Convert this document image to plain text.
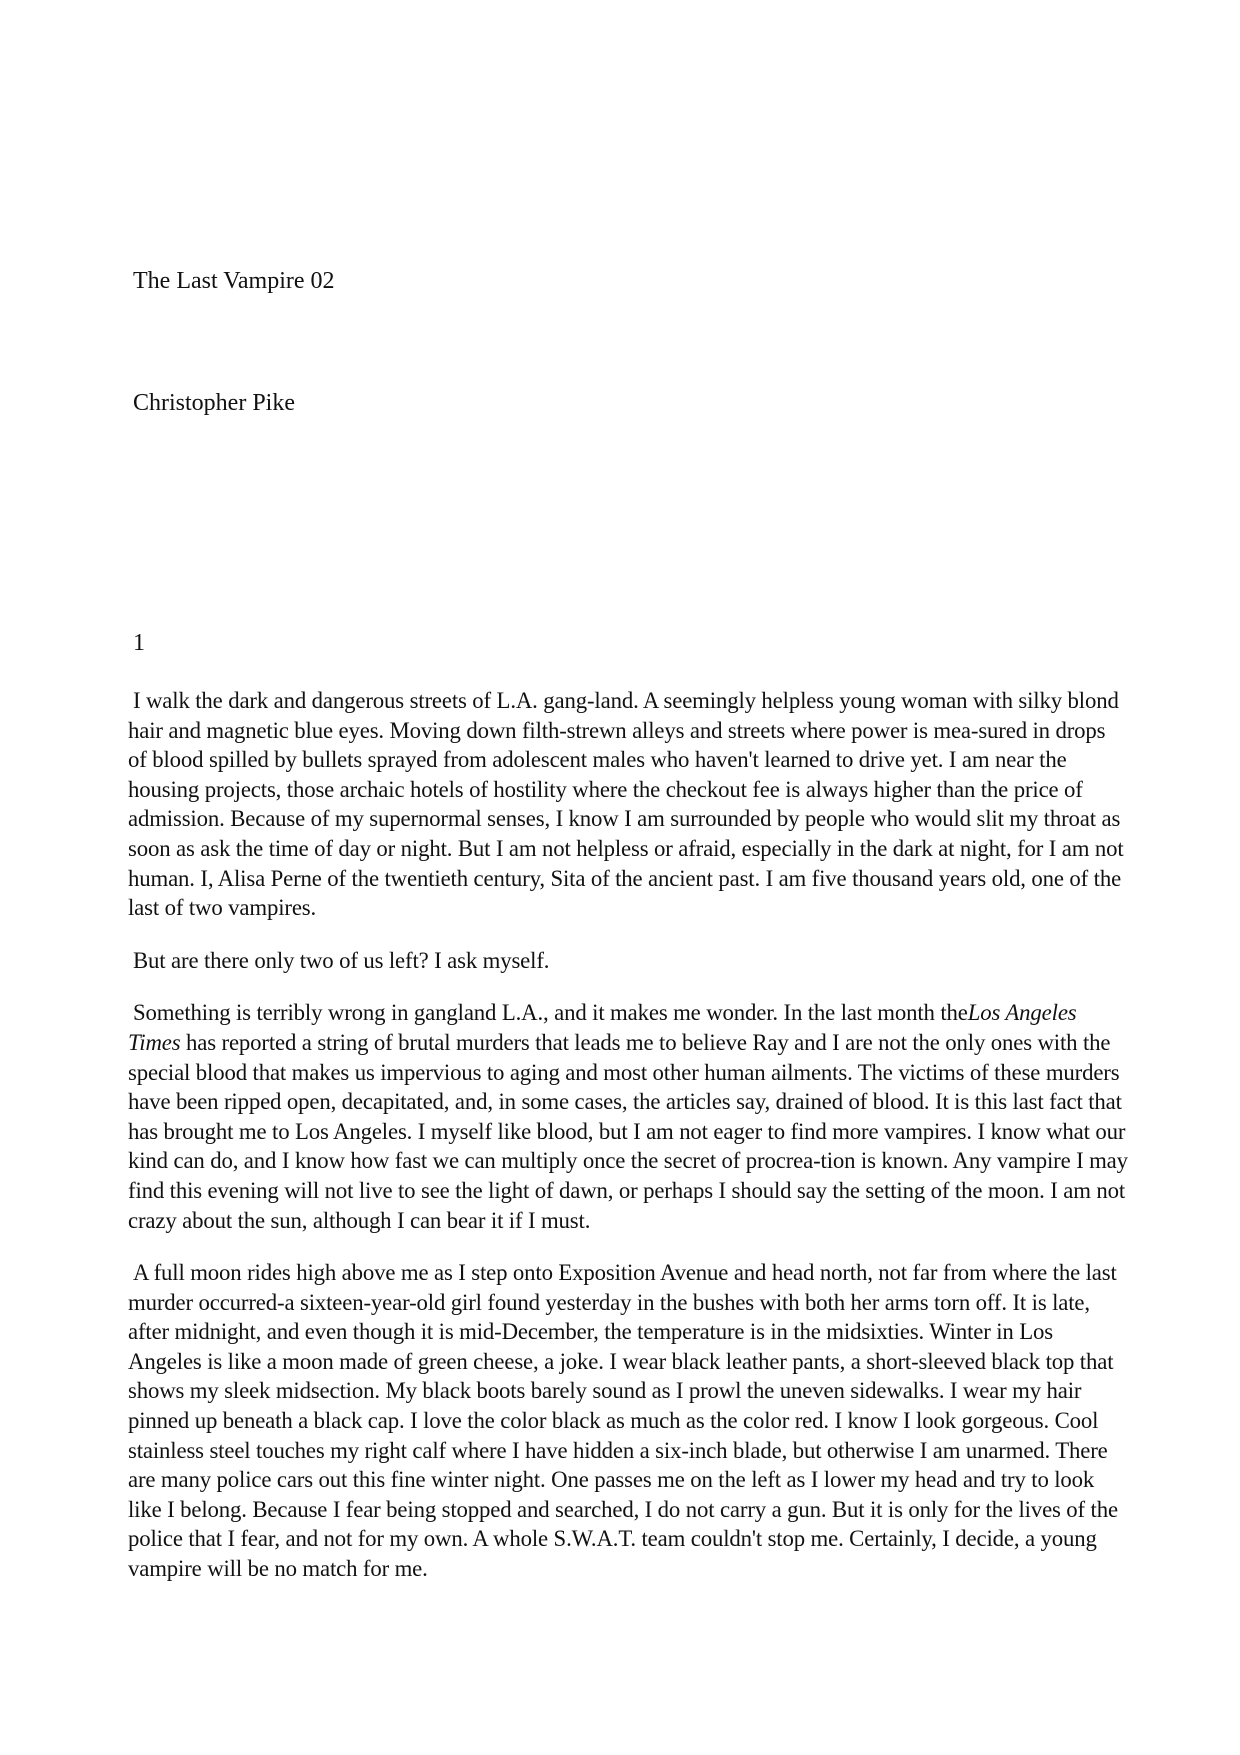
The Last Vampire 02

Christopher Pike

1

I walk the dark and dangerous streets of L.A. gang-land. A seemingly helpless young woman with silky blond hair and magnetic blue eyes. Moving down filth-strewn alleys and streets where power is mea-sured in drops of blood spilled by bullets sprayed from adolescent males who haven't learned to drive yet. I am near the housing projects, those archaic hotels of hostility where the checkout fee is always higher than the price of admission. Because of my supernormal senses, I know I am surrounded by people who would slit my throat as soon as ask the time of day or night. But I am not helpless or afraid, especially in the dark at night, for I am not human. I, Alisa Perne of the twentieth century, Sita of the ancient past. I am five thousand years old, one of the last of two vampires.

But are there only two of us left? I ask myself.

Something is terribly wrong in gangland L.A., and it makes me wonder. In the last month theLos Angeles Times has reported a string of brutal murders that leads me to believe Ray and I are not the only ones with the special blood that makes us impervious to aging and most other human ailments. The victims of these murders have been ripped open, decapitated, and, in some cases, the articles say, drained of blood. It is this last fact that has brought me to Los Angeles. I myself like blood, but I am not eager to find more vampires. I know what our kind can do, and I know how fast we can multiply once the secret of procrea-tion is known. Any vampire I may find this evening will not live to see the light of dawn, or perhaps I should say the setting of the moon. I am not crazy about the sun, although I can bear it if I must.

A full moon rides high above me as I step onto Exposition Avenue and head north, not far from where the last murder occurred-a sixteen-year-old girl found yesterday in the bushes with both her arms torn off. It is late, after midnight, and even though it is mid-December, the temperature is in the midsixties. Winter in Los Angeles is like a moon made of green cheese, a joke. I wear black leather pants, a short-sleeved black top that shows my sleek midsection. My black boots barely sound as I prowl the uneven sidewalks. I wear my hair pinned up beneath a black cap. I love the color black as much as the color red. I know I look gorgeous. Cool stainless steel touches my right calf where I have hidden a six-inch blade, but otherwise I am unarmed. There are many police cars out this fine winter night. One passes me on the left as I lower my head and try to look like I belong. Because I fear being stopped and searched, I do not carry a gun. But it is only for the lives of the police that I fear, and not for my own. A whole S.W.A.T. team couldn't stop me. Certainly, I decide, a young vampire will be no match for me.
